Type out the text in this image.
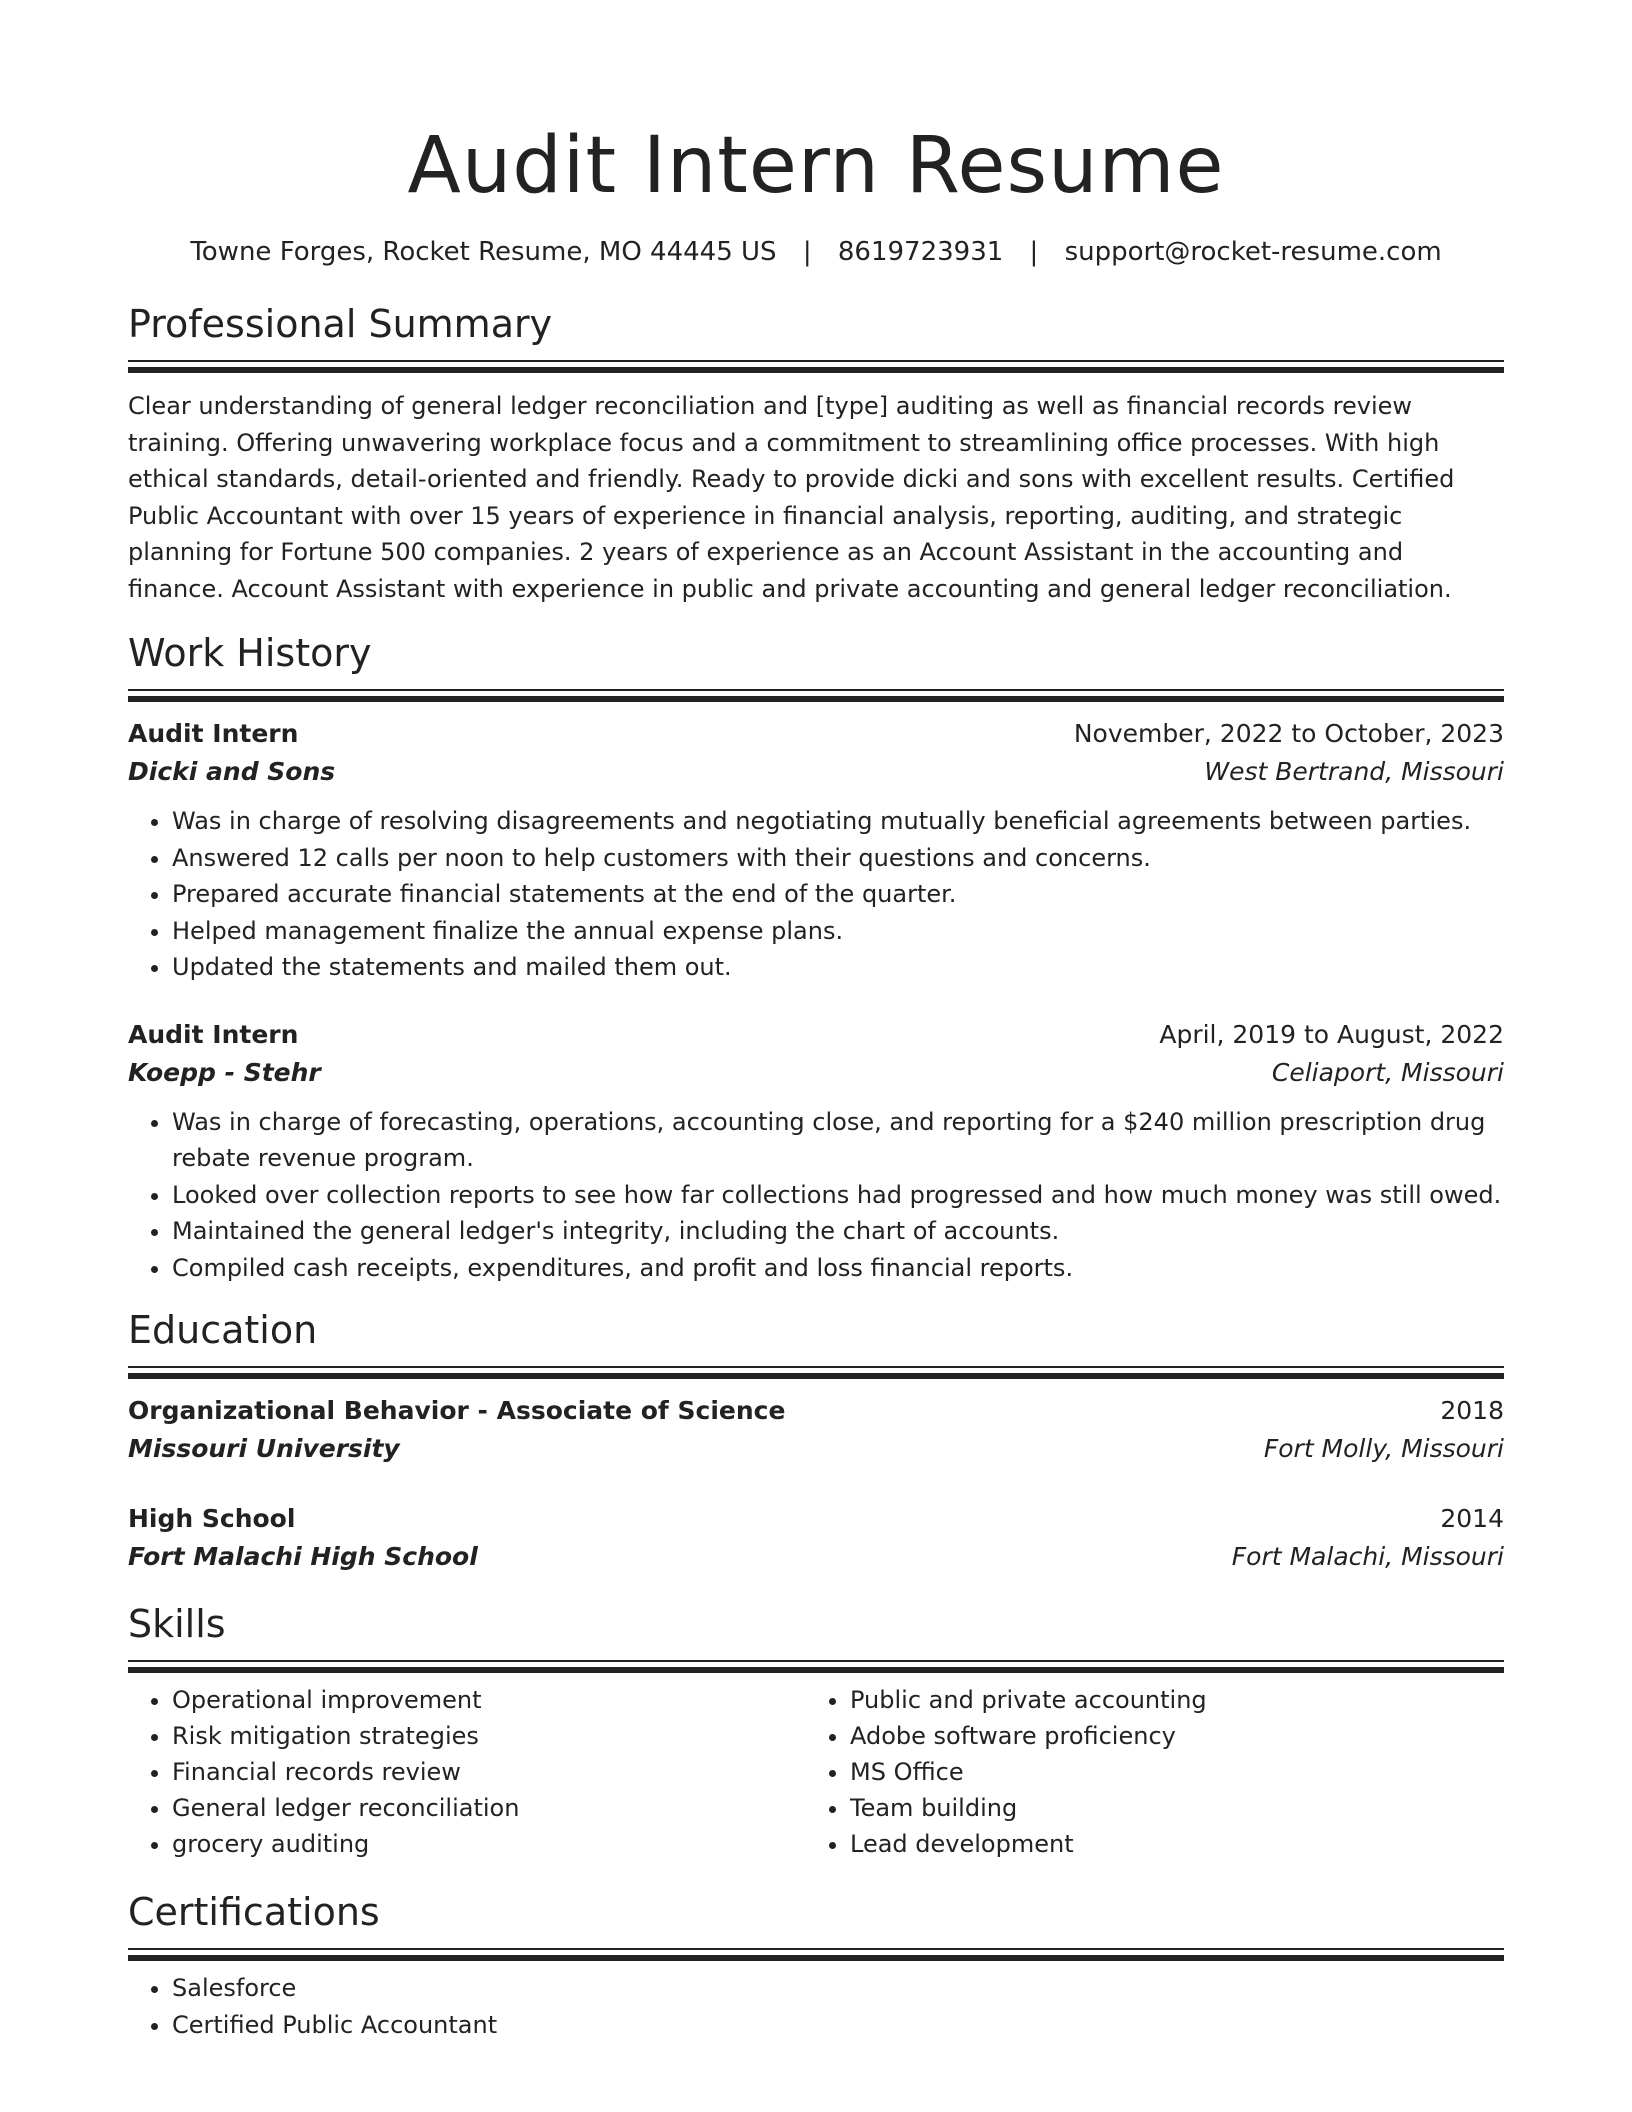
Audit Intern Resume
Towne Forges, Rocket Resume, MO 44445 US | 8619723931 | support@rocket-resume.com
Professional Summary

Clear understanding of general ledger reconciliation and [type] auditing as well as financial records review training. Offering unwavering workplace focus and a commitment to streamlining office processes. With high ethical standards, detail-oriented and friendly. Ready to provide dicki and sons with excellent results. Certified Public Accountant with over 15 years of experience in financial analysis, reporting, auditing, and strategic planning for Fortune 500 companies. 2 years of experience as an Account Assistant in the accounting and finance. Account Assistant with experience in public and private accounting and general ledger reconciliation.

Work History
Audit Intern	November, 2022 to October, 2023
Dicki and Sons	West Bertrand, Missouri
• Was in charge of resolving disagreements and negotiating mutually beneficial agreements between parties.
• Answered 12 calls per noon to help customers with their questions and concerns.
• Prepared accurate financial statements at the end of the quarter.
• Helped management finalize the annual expense plans.
• Updated the statements and mailed them out.
Audit Intern	April, 2019 to August, 2022
Koepp - Stehr	Celiaport, Missouri
• Was in charge of forecasting, operations, accounting close, and reporting for a $240 million prescription drug rebate revenue program.
• Looked over collection reports to see how far collections had progressed and how much money was still owed.
• Maintained the general ledger's integrity, including the chart of accounts.
• Compiled cash receipts, expenditures, and profit and loss financial reports.
Education
Organizational Behavior - Associate of Science	2018
Missouri University	Fort Molly, Missouri
High School	2014
Fort Malachi High School	Fort Malachi, Missouri
Skills
• Operational improvement
• Risk mitigation strategies
• Financial records review
• General ledger reconciliation
• grocery auditing
• Public and private accounting
• Adobe software proficiency
• MS Office
• Team building
• Lead development
Certifications
• Salesforce
• Certified Public Accountant
